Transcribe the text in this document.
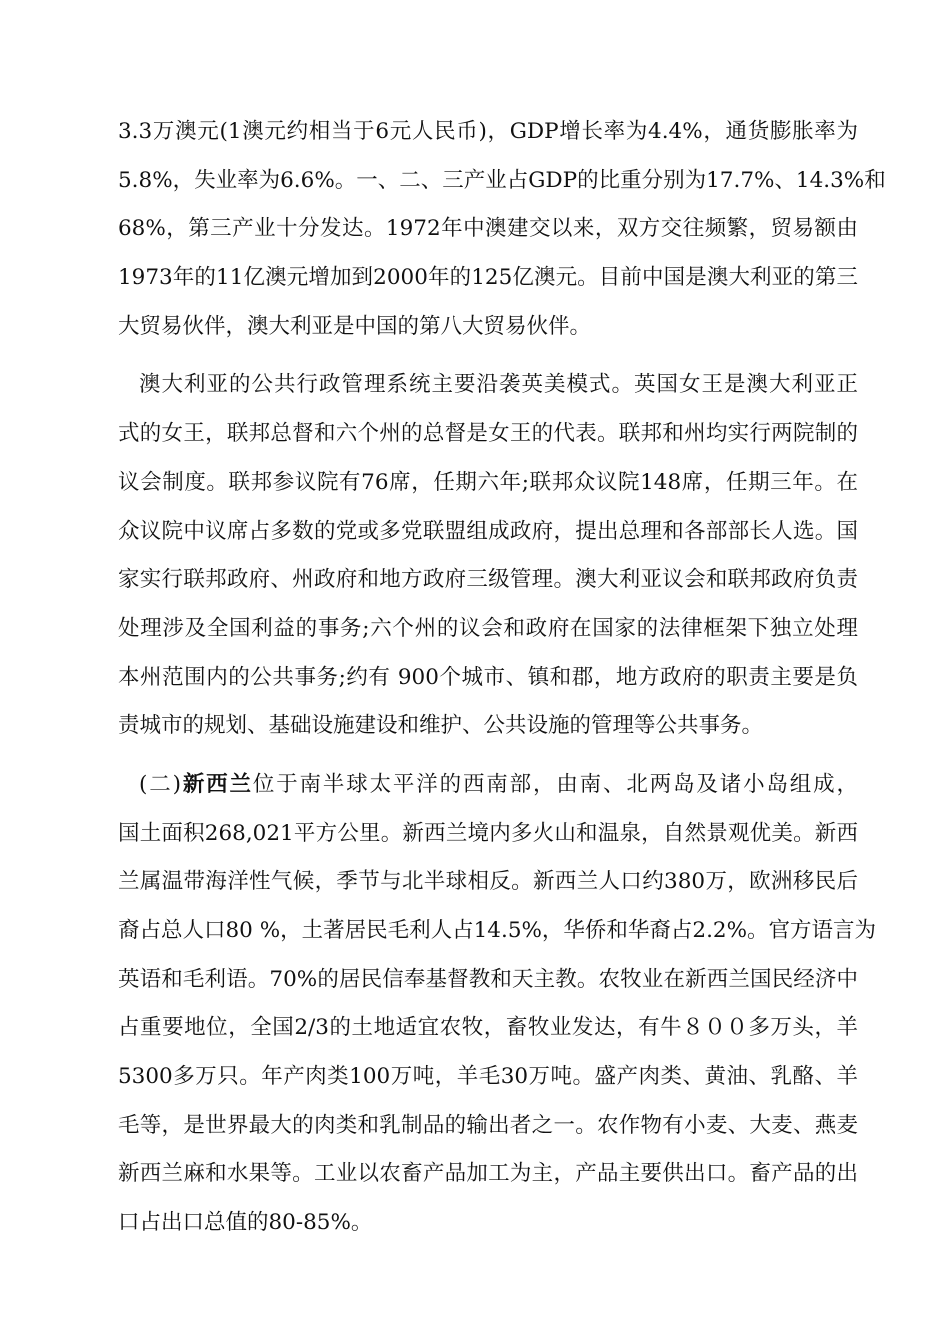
3.3万澳元(1澳元约相当于6元人民币)，GDP增长率为4.4%，通货膨胀率为
5.8%，失业率为6.6%。一、二、三产业占GDP的比重分别为17.7%、14.3%和
68%，第三产业十分发达。1972年中澳建交以来，双方交往频繁，贸易额由
1973年的11亿澳元增加到2000年的125亿澳元。目前中国是澳大利亚的第三
大贸易伙伴，澳大利亚是中国的第八大贸易伙伴。
澳大利亚的公共行政管理系统主要沿袭英美模式。英国女王是澳大利亚正
式的女王，联邦总督和六个州的总督是女王的代表。联邦和州均实行两院制的
议会制度。联邦参议院有76席，任期六年;联邦众议院148席，任期三年。在
众议院中议席占多数的党或多党联盟组成政府，提出总理和各部部长人选。国
家实行联邦政府、州政府和地方政府三级管理。澳大利亚议会和联邦政府负责
处理涉及全国利益的事务;六个州的议会和政府在国家的法律框架下独立处理
本州范围内的公共事务;约有 900个城市、镇和郡，地方政府的职责主要是负
责城市的规划、基础设施建设和维护、公共设施的管理等公共事务。
(二)新西兰位于南半球太平洋的西南部，由南、北两岛及诸小岛组成，
国土面积268,021平方公里。新西兰境内多火山和温泉，自然景观优美。新西
兰属温带海洋性气候，季节与北半球相反。新西兰人口约380万，欧洲移民后
裔占总人口80 %，土著居民毛利人占14.5%，华侨和华裔占2.2%。官方语言为
英语和毛利语。70%的居民信奉基督教和天主教。农牧业在新西兰国民经济中
占重要地位，全国2/3的土地适宜农牧，畜牧业发达，有牛８００多万头，羊
5300多万只。年产肉类100万吨，羊毛30万吨。盛产肉类、黄油、乳酪、羊
毛等，是世界最大的肉类和乳制品的输出者之一。农作物有小麦、大麦、燕麦
新西兰麻和水果等。工业以农畜产品加工为主，产品主要供出口。畜产品的出
口占出口总值的80-85%。
